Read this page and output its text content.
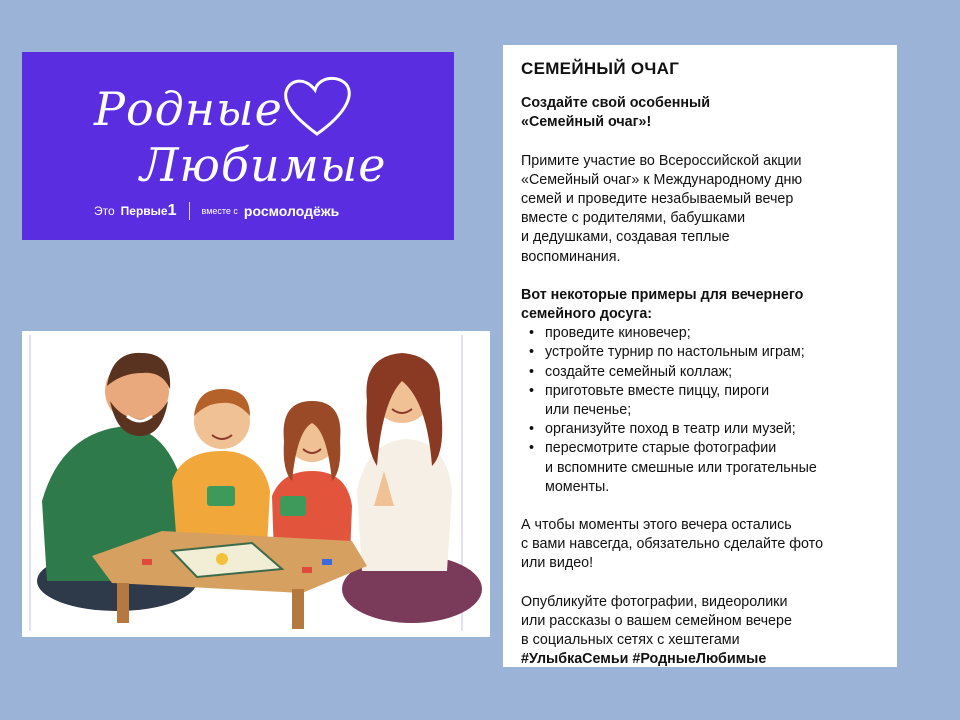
Родные
Любимые
Это Первые1	вместе с росмолодёжь
СЕМЕЙНЫЙ ОЧАГ
Создайте свой особенный
«Семейный очаг»!
Примите участие во Всероссийской акции
«Семейный очаг» к Международному дню
семей и проведите незабываемый вечер
вместе с родителями, бабушками
и дедушками, создавая теплые
воспоминания.
Вот некоторые примеры для вечернего
семейного досуга:
• проведите киновечер;
• устройте турнир по настольным играм;
• создайте семейный коллаж;
• приготовьте вместе пиццу, пироги
или печенье;
• организуйте поход в театр или музей;
• пересмотрите старые фотографии
и вспомните смешные или трогательные
моменты.
А чтобы моменты этого вечера остались
с вами навсегда, обязательно сделайте фото
или видео!
Опубликуйте фотографии, видеоролики
или рассказы о вашем семейном вечере
в социальных сетях с хештегами
#УлыбкаСемьи #РодныеЛюбимые
